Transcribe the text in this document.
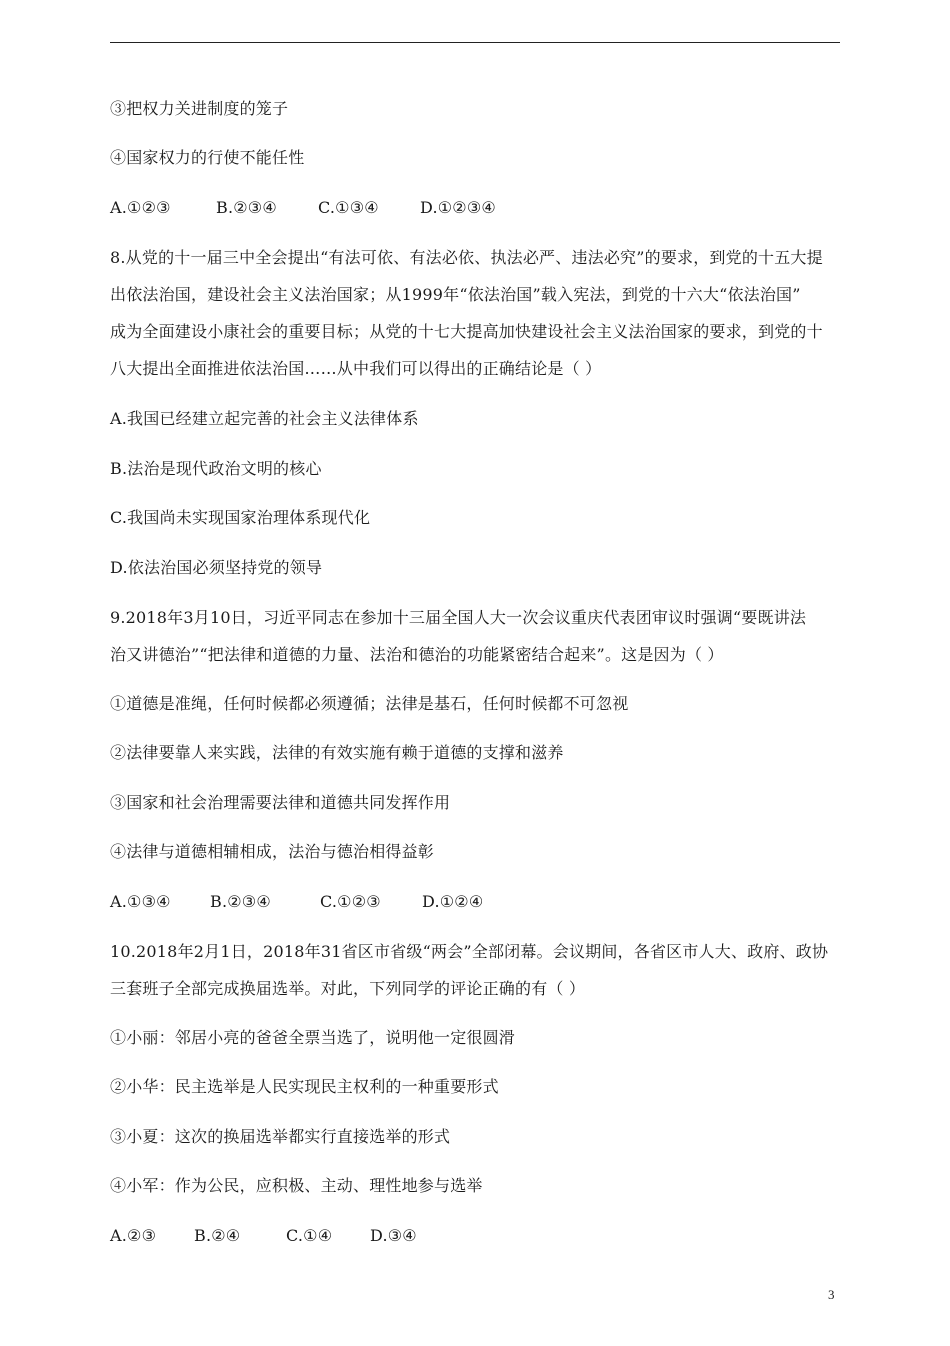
③把权力关进制度的笼子
④国家权力的行使不能任性
A.①②③	B.②③④	C.①③④	D.①②③④
8.从党的十一届三中全会提出“有法可依、有法必依、执法必严、违法必究”的要求，到党的十五大提
出依法治国，建设社会主义法治国家；从1999年“依法治国”载入宪法，到党的十六大“依法治国”
成为全面建设小康社会的重要目标；从党的十七大提高加快建设社会主义法治国家的要求，到党的十
八大提出全面推进依法治国……从中我们可以得出的正确结论是（ ）
A.我国已经建立起完善的社会主义法律体系
B.法治是现代政治文明的核心
C.我国尚未实现国家治理体系现代化
D.依法治国必须坚持党的领导
9.2018年3月10日，习近平同志在参加十三届全国人大一次会议重庆代表团审议时强调“要既讲法
治又讲德治”“把法律和道德的力量、法治和德治的功能紧密结合起来”。这是因为（ ）
①道德是准绳，任何时候都必须遵循；法律是基石，任何时候都不可忽视
②法律要靠人来实践，法律的有效实施有赖于道德的支撑和滋养
③国家和社会治理需要法律和道德共同发挥作用
④法律与道德相辅相成，法治与德治相得益彰
A.①③④ B.②③④	C.①②③	D.①②④
10.2018年2月1日，2018年31省区市省级“两会”全部闭幕。会议期间，各省区市人大、政府、政协
三套班子全部完成换届选举。对此，下列同学的评论正确的有（ ）
①小丽：邻居小亮的爸爸全票当选了，说明他一定很圆滑
②小华：民主选举是人民实现民主权利的一种重要形式
③小夏：这次的换届选举都实行直接选举的形式
④小军：作为公民，应积极、主动、理性地参与选举
A.②③ B.②④	C.①④ D.③④
3
